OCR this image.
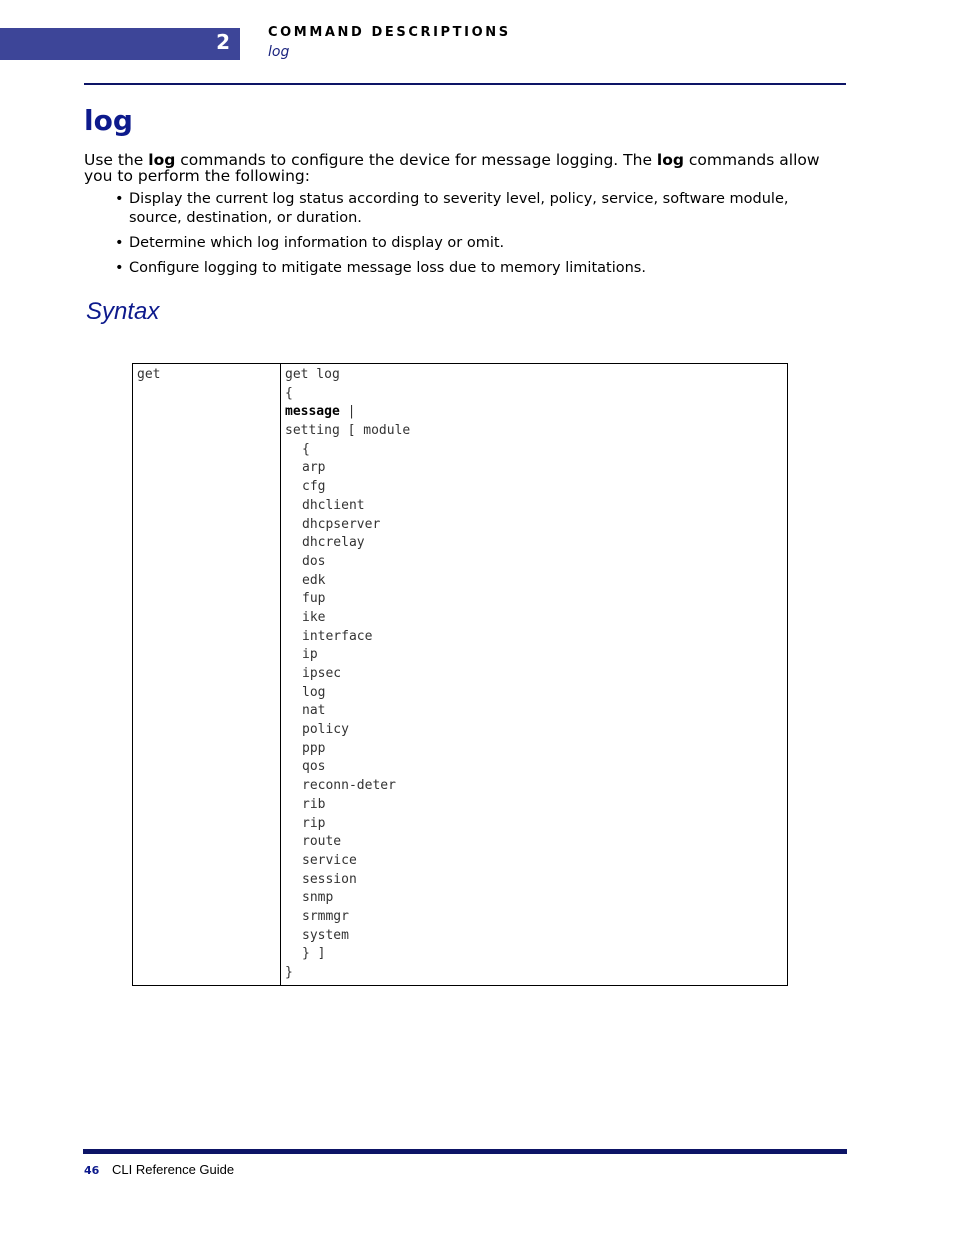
2	COMMAND DESCRIPTIONS
log
log

Use the log commands to configure the device for message logging. The log commands allow you to perform the following:

• Display the current log status according to severity level, policy, service, software module, source, destination, or duration.
• Determine which log information to display or omit.
• Configure logging to mitigate message loss due to memory limitations.
Syntax
get	get log
{
message |
setting [ module
{
arp
cfg
dhclient
dhcpserver
dhcrelay
dos
edk
fup
ike
interface
ip
ipsec
log
nat
policy
ppp
qos
reconn-deter
rib
rip
route
service
session
snmp
srmmgr
system
} ]
}
46 CLI Reference Guide
